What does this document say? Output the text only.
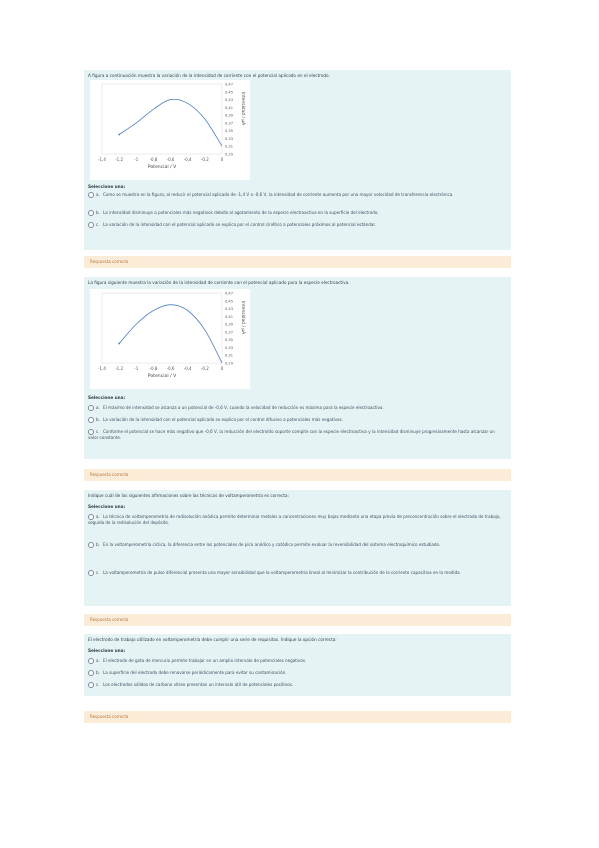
A figura a continuación muestra la variación de la intensidad de corriente con el potencial aplicado en el electrodo.
-1,4 -1,2	-1	-0,8 -0,6 -0,4 -0,2	0
0,47
0,45
0,43
0,41
0,39
0,37
0,35
0,33
0,31
0,29
Potencial / V
Intensidad / μA
Seleccione una:
a. Como se muestra en la figura, al reducir el potencial aplicado de -1,4 V a -0,6 V, la intensidad de corriente aumenta por una mayor velocidad de transferencia electrónica.
b. La intensidad disminuye a potenciales más negativos debido al agotamiento de la especie electroactiva en la superficie del electrodo.
c. La variación de la intensidad con el potencial aplicado se explica por el control cinético a potenciales próximos al potencial estándar.
Respuesta correcta
La figura siguiente muestra la variación de la intensidad de corriente con el potencial aplicado para la especie electroactiva.
-1,4 -1,2	-1	-0,8 -0,6 -0,4 -0,2	0
0,47
0,45
0,43
0,41
0,39
0,37
0,35
0,33
0,31
0,29
Potencial / V
Intensidad / μA
Seleccione una:
a. El máximo de intensidad se alcanza a un potencial de -0,6 V, cuando la velocidad de reducción es máxima para la especie electroactiva.
b. La variación de la intensidad con el potencial aplicado se explica por el control difusivo a potenciales más negativos.
c. Conforme el potencial se hace más negativo que -0,6 V, la reducción del electrolito soporte compite con la especie electroactiva y la intensidad disminuye progresivamente hasta alcanzar un valor constante.
Respuesta correcta
Indique cuál de las siguientes afirmaciones sobre las técnicas de voltamperometría es correcta:
Seleccione una:
a. La técnica de voltamperometría de redisolución anódica permite determinar metales a concentraciones muy bajas mediante una etapa previa de preconcentración sobre el electrodo de trabajo, seguida de la redisolución del depósito.
b. En la voltamperometría cíclica, la diferencia entre los potenciales de pico anódico y catódico permite evaluar la reversibilidad del sistema electroquímico estudiado.
c. La voltamperometría de pulso diferencial presenta una mayor sensibilidad que la voltamperometría lineal al minimizar la contribución de la corriente capacitiva en la medida.
Respuesta correcta
El electrodo de trabajo utilizado en voltamperometría debe cumplir una serie de requisitos. Indique la opción correcta:
Seleccione una:
a. El electrodo de gota de mercurio permite trabajar en un amplio intervalo de potenciales negativos.
b. La superficie del electrodo debe renovarse periódicamente para evitar su contaminación.
c. Los electrodos sólidos de carbono vítreo presentan un intervalo útil de potenciales positivos.
Respuesta correcta
